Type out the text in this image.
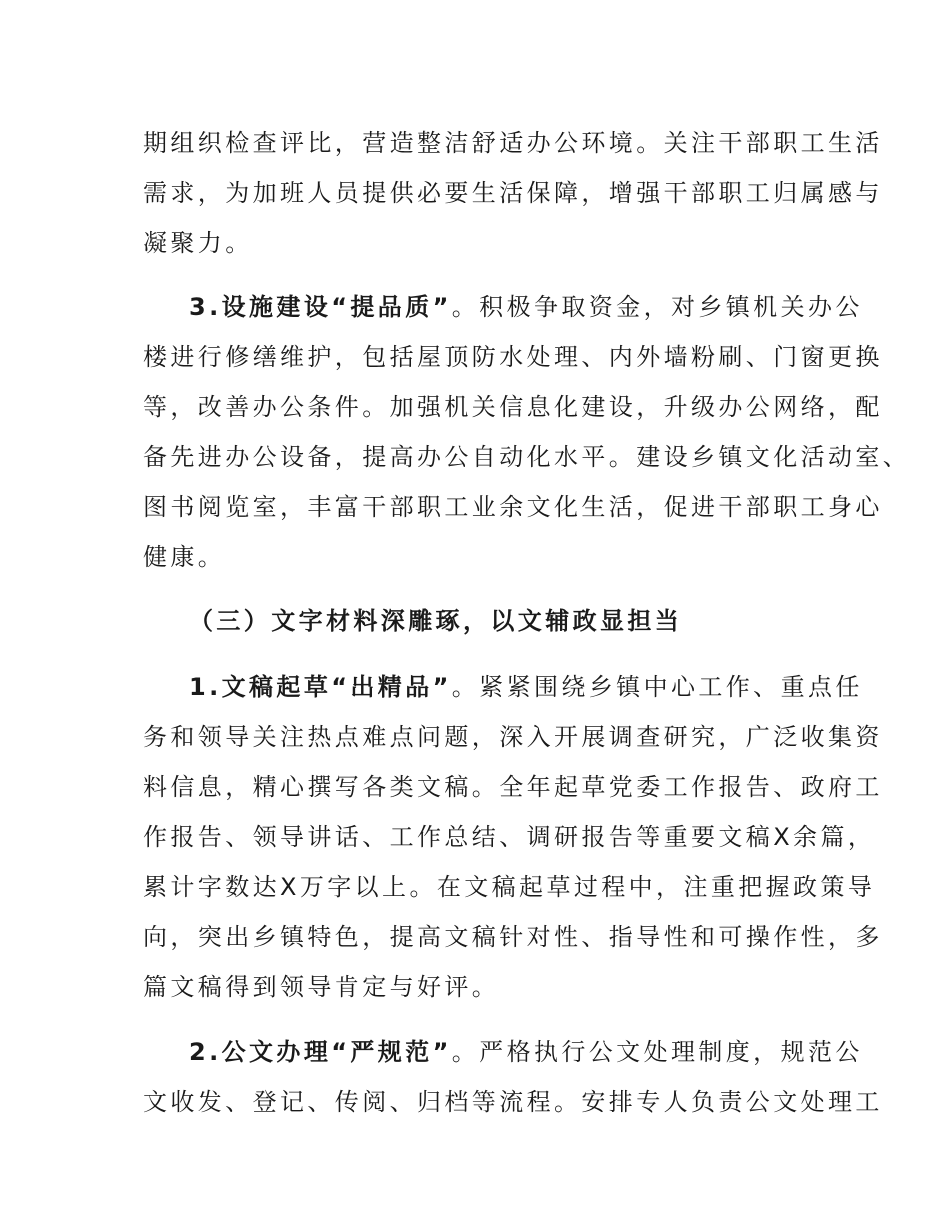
期组织检查评比，营造整洁舒适办公环境。关注干部职工生活
需求，为加班人员提供必要生活保障，增强干部职工归属感与
凝聚力。
3.设施建设“提品质”。积极争取资金，对乡镇机关办公
楼进行修缮维护，包括屋顶防水处理、内外墙粉刷、门窗更换
等，改善办公条件。加强机关信息化建设，升级办公网络，配
备先进办公设备，提高办公自动化水平。建设乡镇文化活动室、
图书阅览室，丰富干部职工业余文化生活，促进干部职工身心
健康。
（三）文字材料深雕琢，以文辅政显担当
1.文稿起草“出精品”。紧紧围绕乡镇中心工作、重点任
务和领导关注热点难点问题，深入开展调查研究，广泛收集资
料信息，精心撰写各类文稿。全年起草党委工作报告、政府工
作报告、领导讲话、工作总结、调研报告等重要文稿X余篇，
累计字数达X万字以上。在文稿起草过程中，注重把握政策导
向，突出乡镇特色，提高文稿针对性、指导性和可操作性，多
篇文稿得到领导肯定与好评。
2.公文办理“严规范”。严格执行公文处理制度，规范公
文收发、登记、传阅、归档等流程。安排专人负责公文处理工
